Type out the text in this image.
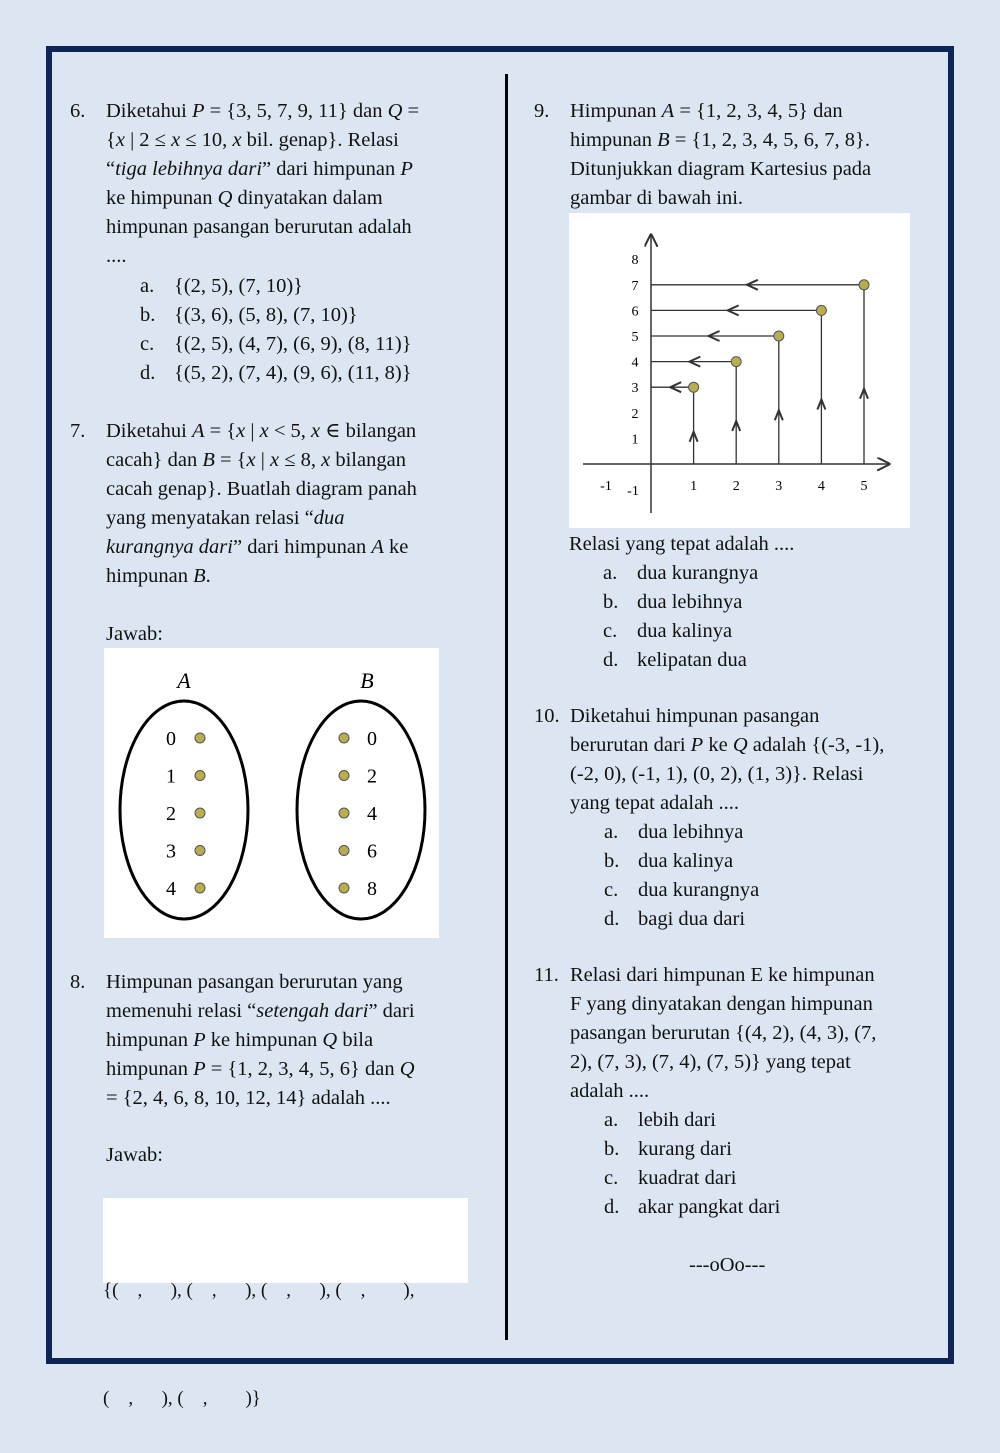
6. Diketahui P = {3, 5, 7, 9, 11} dan Q =
{x | 2 ≤ x ≤ 10, x bil. genap}. Relasi
“tiga lebihnya dari” dari himpunan P
ke himpunan Q dinyatakan dalam
himpunan pasangan berurutan adalah
....
a. {(2, 5), (7, 10)}
b. {(3, 6), (5, 8), (7, 10)}
c. {(2, 5), (4, 7), (6, 9), (8, 11)}
d. {(5, 2), (7, 4), (9, 6), (11, 8)}
7. Diketahui A = {x | x < 5, x ∈ bilangan
cacah} dan B = {x | x ≤ 8, x bilangan
cacah genap}. Buatlah diagram panah
yang menyatakan relasi “dua
kurangnya dari” dari himpunan A ke
himpunan B.
Jawab:
A	B
0
1
2
3
4
0
2
4
6
8
8. Himpunan pasangan berurutan yang
memenuhi relasi “setengah dari” dari
himpunan P ke himpunan Q bila
himpunan P = {1, 2, 3, 4, 5, 6} dan Q
= {2, 4, 6, 8, 10, 12, 14} adalah ....
Jawab:

{(    ,      ), (    ,      ), (    ,      ), (    ,        ),

(    ,      ), (    ,        )}

9. Himpunan A = {1, 2, 3, 4, 5} dan
himpunan B = {1, 2, 3, 4, 5, 6, 7, 8}.
Ditunjukkan diagram Kartesius pada
gambar di bawah ini.
-1	1	2	3	4	5
-1
1
2
3
4
5
6
7
8
Relasi yang tepat adalah ....
a. dua kurangnya
b. dua lebihnya
c. dua kalinya
d. kelipatan dua
10. Diketahui himpunan pasangan
berurutan dari P ke Q adalah {(-3, -1),
(-2, 0), (-1, 1), (0, 2), (1, 3)}. Relasi
yang tepat adalah ....
a. dua lebihnya
b. dua kalinya
c. dua kurangnya
d. bagi dua dari
11. Relasi dari himpunan E ke himpunan
F yang dinyatakan dengan himpunan
pasangan berurutan {(4, 2), (4, 3), (7,
2), (7, 3), (7, 4), (7, 5)} yang tepat
adalah ....
a. lebih dari
b. kurang dari
c. kuadrat dari
d. akar pangkat dari
---oOo---
